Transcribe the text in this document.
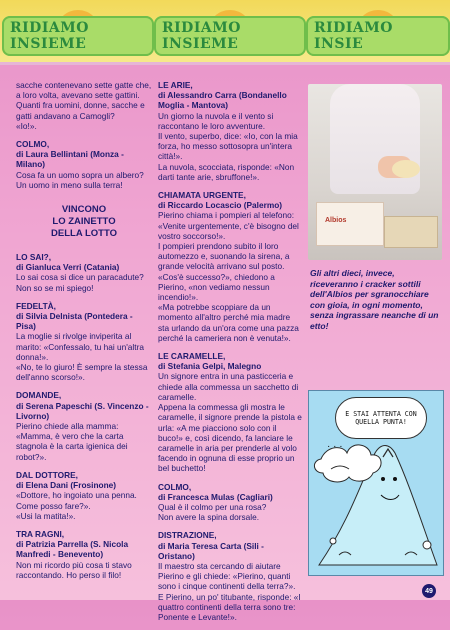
RIDIAMO INSIEME
RIDIAMO INSIEME
RIDIAMO INSIE

sacche contenevano sette gatte che, a loro volta, avevano sette gattini.
Quanti fra uomini, donne, sacche e gatti andavano a Camogli?
«Io!».

COLMO,
di Laura Bellintani (Monza - Milano)

Cosa fa un uomo sopra un albero?
Un uomo in meno sulla terra!

VINCONO
LO ZAINETTO
DELLA LOTTO
LO SAI?,
di Gianluca Verri (Catania)

Lo sai cosa si dice un paracadute?
Non so se mi spiego!

FEDELTÀ,
di Silvia Delnista (Pontedera - Pisa)

La moglie si rivolge inviperita al marito: «Confessalo, tu hai un'altra donna!».
«No, te lo giuro! È sempre la stessa dell'anno scorso!».

DOMANDE,
di Serena Papeschi (S. Vincenzo - Livorno)

Pierino chiede alla mamma: «Mamma, è vero che la carta stagnola è la carta igienica dei robot?».

DAL DOTTORE,
di Elena Dani (Frosinone)

«Dottore, ho ingoiato una penna. Come posso fare?».
«Usi la matita!».

TRA RAGNI,
di Patrizia Parrella (S. Nicola Manfredi - Benevento)

Non mi ricordo più cosa ti stavo raccontando. Ho perso il filo!

LE ARIE,
di Alessandro Carra (Bondanello Moglia - Mantova)

Un giorno la nuvola e il vento si raccontano le loro avventure.
Il vento, superbo, dice: «Io, con la mia forza, ho messo sottosopra un'intera città!».
La nuvola, scocciata, risponde: «Non darti tante arie, sbruffone!».

CHIAMATA URGENTE,
di Riccardo Locascio (Palermo)

Pierino chiama i pompieri al telefono: «Venite urgentemente, c'è bisogno del vostro soccorso!».
I pompieri prendono subito il loro automezzo e, suonando la sirena, a grande velocità arrivano sul posto.
«Cos'è successo?», chiedono a Pierino, «non vediamo nessun incendio!».
«Ma potrebbe scoppiare da un momento all'altro perché mia madre sta urlando da un'ora come una pazza perché la cameriera non è venuta!».

LE CARAMELLE,
di Stefania Gelpi, Malegno

Un signore entra in una pasticceria e chiede alla commessa un sacchetto di caramelle.
Appena la commessa gli mostra le caramelle, il signore prende la pistola e urla: «A me piacciono solo con il buco!» e, così dicendo, fa lanciare le caramelle in aria per prenderle al volo facendo in ognuna di esse proprio un bel buchetto!

COLMO,
di Francesca Mulas (Cagliari)

Qual è il colmo per una rosa?
Non avere la spina dorsale.

DISTRAZIONE,
di Maria Teresa Carta (Sili - Oristano)

Il maestro sta cercando di aiutare Pierino e gli chiede: «Pierino, quanti sono i cinque continenti della terra?».
E Pierino, un po' titubante, risponde: «I quattro continenti della terra sono tre: Ponente e Levante!».

Albios
Gli altri dieci, invece, riceveranno i cracker sottili dell'Albios per sgranocchiare con gioia, in ogni momento, senza ingrassare neanche di un etto!
E STAI ATTENTA CON QUELLA PUNTA!
· · ·
49
